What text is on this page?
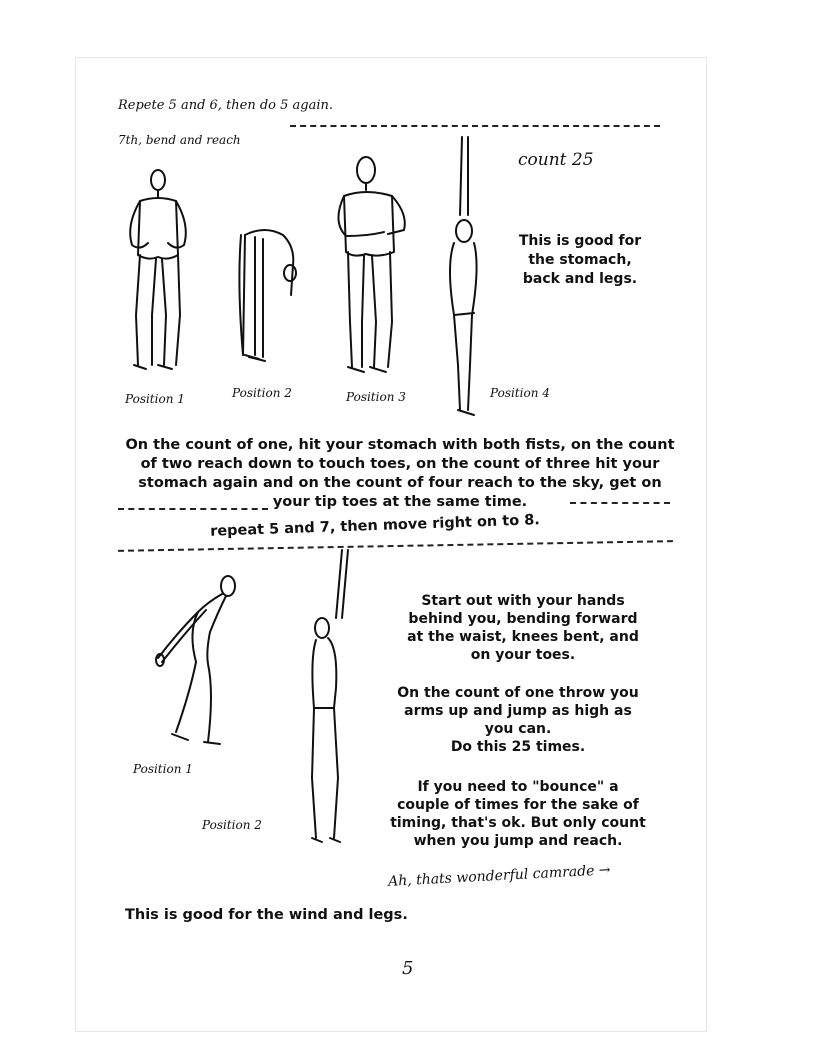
Repete 5 and 6, then do 5 again.
7th, bend and reach
count 25
This is good for
the stomach,
back and legs.
Position 1	Position 2	Position 3	Position 4
On the count of one, hit your stomach with both fists, on the count
of two reach down to touch toes, on the count of three hit your
stomach again and on the count of four reach to the sky, get on
your tip toes at the same time.
repeat 5 and 7, then move right on to 8.
Position 1
Position 2
Start out with your hands
behind you, bending forward
at the waist, knees bent, and
on your toes.
On the count of one throw you
arms up and jump as high as
you can.
Do this 25 times.
If you need to "bounce" a
couple of times for the sake of
timing, that's ok. But only count
when you jump and reach.
Ah, thats wonderful camrade →
This is good for the wind and legs.
5
